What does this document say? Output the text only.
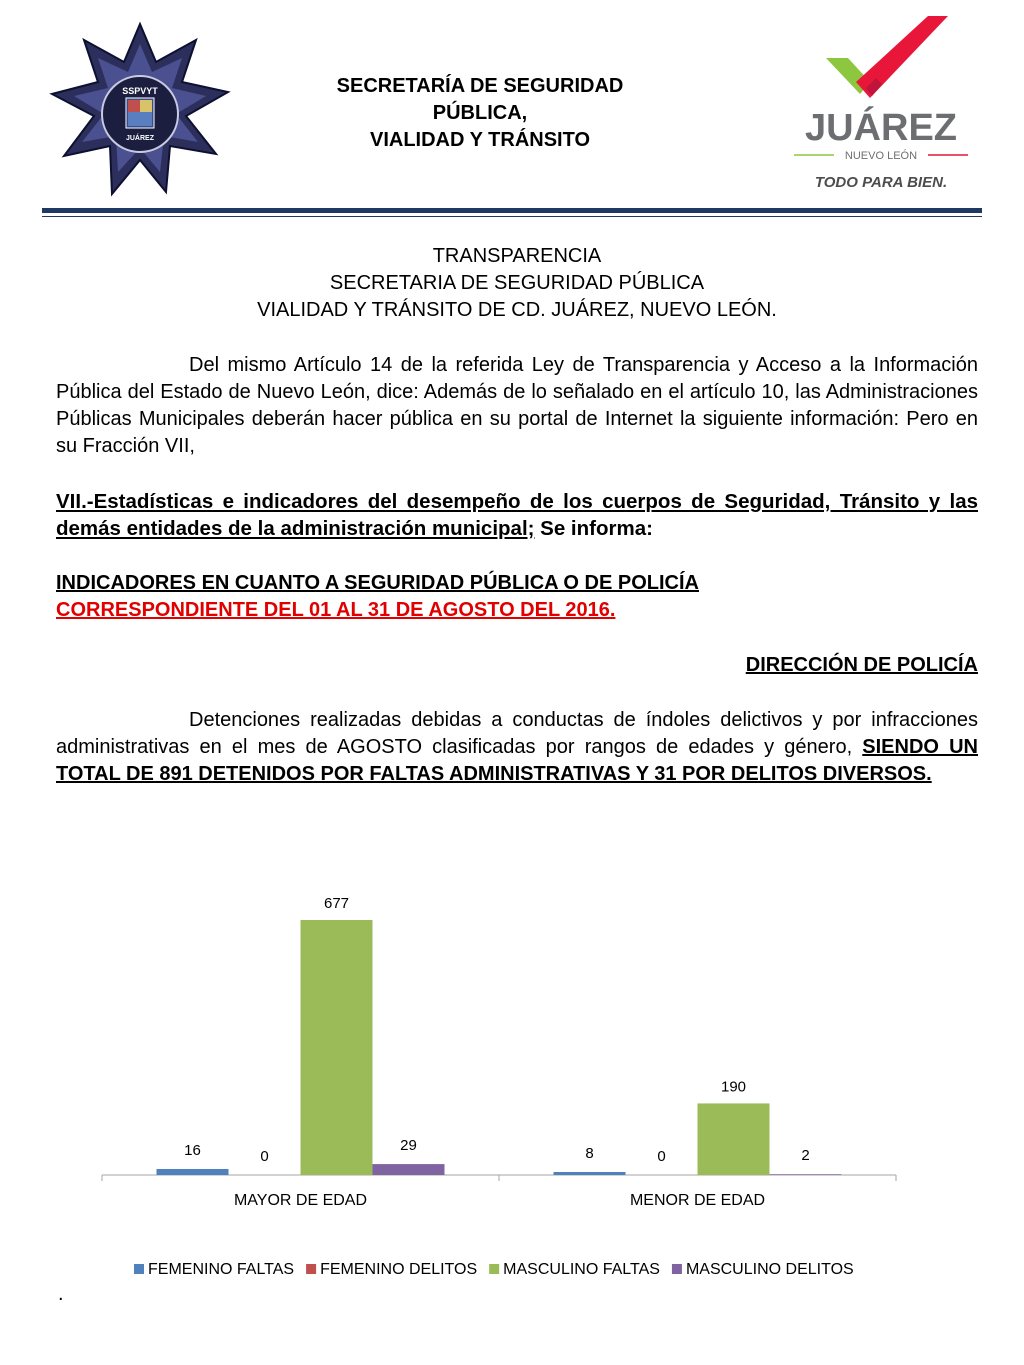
SSPVYT
JUÁREZ
SECRETARÍA DE SEGURIDAD
PÚBLICA,
VIALIDAD Y TRÁNSITO	JUÁREZ
NUEVO LEÓN
TODO PARA BIEN.
TRANSPARENCIA
SECRETARIA DE SEGURIDAD PÚBLICA
VIALIDAD Y TRÁNSITO DE CD. JUÁREZ, NUEVO LEÓN.
Del mismo Artículo 14 de la referida Ley de Transparencia y Acceso a la Información Pública del Estado de Nuevo León, dice: Además de lo señalado en el artículo 10, las Administraciones Públicas Municipales deberán hacer pública en su portal de Internet la siguiente información: Pero en su Fracción VII,
VII.-Estadísticas e indicadores del desempeño de los cuerpos de Seguridad, Tránsito y las demás entidades de la administración municipal; Se informa:
INDICADORES EN CUANTO A SEGURIDAD PÚBLICA O DE POLICÍA
CORRESPONDIENTE DEL 01 AL 31 DE AGOSTO DEL 2016.
DIRECCIÓN DE POLICÍA
Detenciones realizadas debidas a conductas de índoles delictivos y por infracciones administrativas en el mes de AGOSTO clasificadas por rangos de edades y género, SIENDO UN TOTAL DE 891 DETENIDOS POR FALTAS ADMINISTRATIVAS Y 31 POR DELITOS DIVERSOS.
16	0
677
29
MAYOR DE EDAD
8	0
190
2
MENOR DE EDAD
FEMENINO FALTAS FEMENINO DELITOS MASCULINO FALTAS MASCULINO DELITOS
.
